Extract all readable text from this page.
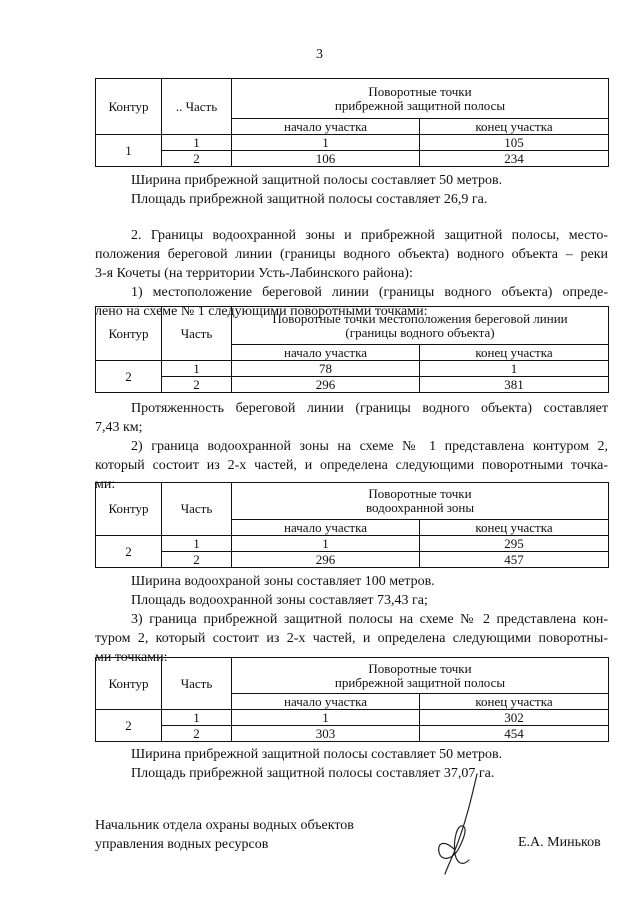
3
Контур	.. Часть	Поворотные точки
прибрежной защитной полосы	

		начало участка	конец участка
1	1	1	105
	2	106	234

Ширина прибрежной защитной полосы составляет 50 метров.
Площадь прибрежной защитной полосы составляет 26,9 га.

2. Границы водоохранной зоны и прибрежной защитной полосы, место-

положения береговой линии (границы водного объекта) водного объекта – реки

3-я Кочеты (на территории Усть-Лабинского района):

1) местоположение береговой линии (границы водного объекта) опреде-

лено на схеме № 1 следующими поворотными точками:

Контур	Часть	Поворотные точки местоположения береговой линии
(границы водного объекта)	

		начало участка	конец участка
2	1	78	1
	2	296	381

Протяженность береговой линии (границы водного объекта) составляет

7,43 км;

2) граница водоохранной зоны на схеме № 1 представлена контуром 2,

который состоит из 2-х частей, и определена следующими поворотными точка-

ми:

Контур	Часть	Поворотные точки
водоохранной зоны	

		начало участка	конец участка
2	1	1	295
	2	296	457

Ширина водоохраной зоны составляет 100 метров.
Площадь водоохранной зоны составляет 73,43 га;

3) граница прибрежной защитной полосы на схеме № 2 представлена кон-

туром 2, который состоит из 2-х частей, и определена следующими поворотны-

ми точками:

Контур	Часть	Поворотные точки
прибрежной защитной полосы	

		начало участка	конец участка
2	1	1	302
	2	303	454

Ширина прибрежной защитной полосы составляет 50 метров.
Площадь прибрежной защитной полосы составляет 37,07 га.

Начальник отдела охраны водных объектов
управления водных ресурсов	Е.А. Миньков
